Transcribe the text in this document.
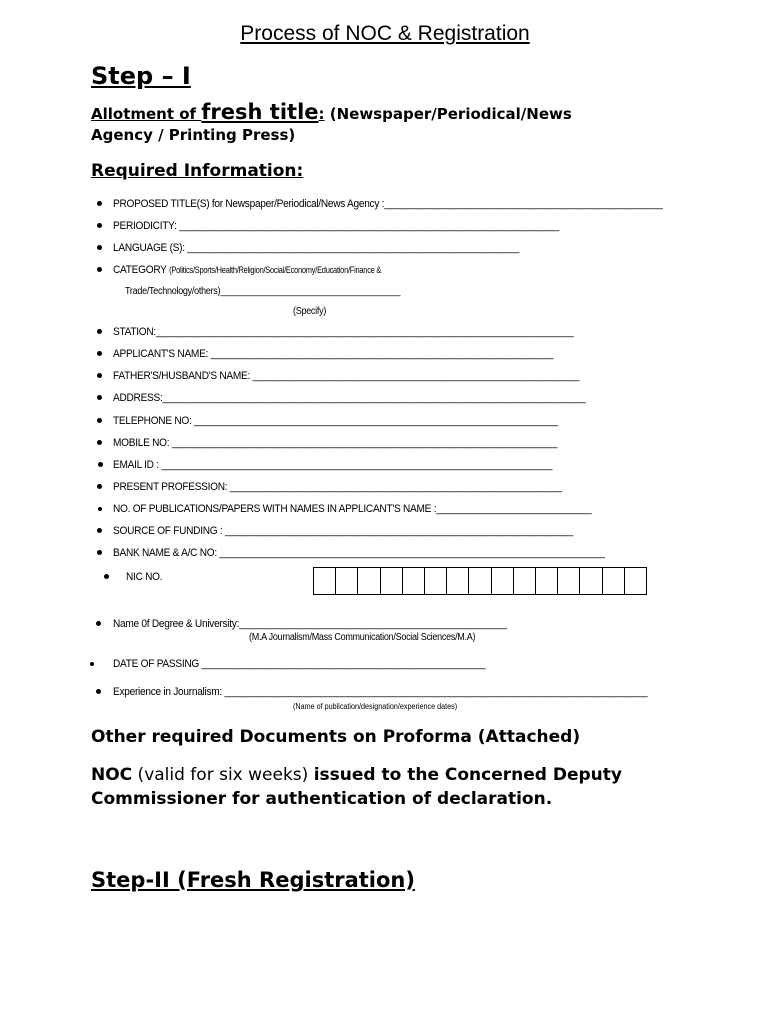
Process of NOC & Registration
Step – I
Allotment of fresh title: (Newspaper/Periodical/News
Agency / Printing Press)
Required Information:
PROPOSED TITLE(S) for Newspaper/Periodical/News Agency :____________________________________________________
PERIODICITY: _______________________________________________________________________
LANGUAGE (S): ______________________________________________________________
CATEGORY (Politics/Sports/Health/Religion/Social/Economy/Education/Finance &
Trade/Technology/others)______________________________________
(Specify)
STATION:______________________________________________________________________________
APPLICANT'S NAME: ________________________________________________________________
FATHER'S/HUSBAND'S NAME: _____________________________________________________________
ADDRESS:_______________________________________________________________________________
TELEPHONE NO: ____________________________________________________________________
MOBILE NO: ________________________________________________________________________
EMAIL ID : _________________________________________________________________________
PRESENT PROFESSION: ______________________________________________________________
NO. OF PUBLICATIONS/PAPERS WITH NAMES IN APPLICANT'S NAME :_____________________________
SOURCE OF FUNDING : _________________________________________________________________
BANK NAME & A/C NO: ________________________________________________________________________
NIC NO.
Name 0f Degree & University:__________________________________________________
(M.A Journalism/Mass Communication/Social Sciences/M.A)
DATE OF PASSING _____________________________________________________
Experience in Journalism: _______________________________________________________________________________
(Name of publication/designation/experience dates)
Other required Documents on Proforma (Attached)
NOC (valid for six weeks) issued to the Concerned Deputy
Commissioner for authentication of declaration.
Step-II (Fresh Registration)
